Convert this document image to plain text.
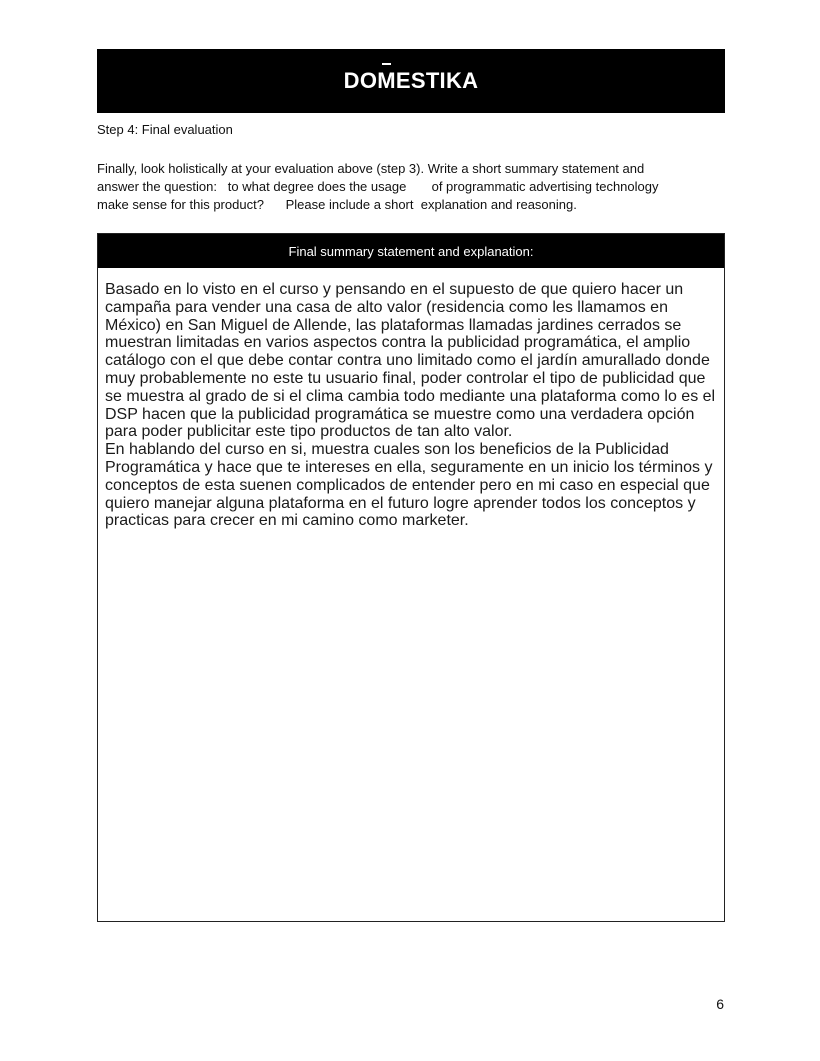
DOMESTIKA
Step 4: Final evaluation
Finally, look holistically at your evaluation above (step 3). Write a short summary statement and
answer the question:   to what degree does the usage       of programmatic advertising technology
make sense for this product?      Please include a short  explanation and reasoning.
Final summary statement and explanation:

Basado en lo visto en el curso y pensando en el supuesto de que quiero hacer un campaña para vender una casa de alto valor (residencia como les llamamos en México) en San Miguel de Allende, las plataformas llamadas jardines cerrados se muestran limitadas en varios aspectos contra la publicidad programática, el amplio catálogo con el que debe contar contra uno limitado como el jardín amurallado donde muy probablemente no este tu usuario final, poder controlar el tipo de publicidad que se muestra al grado de si el clima cambia todo mediante una plataforma como lo es el DSP hacen que la publicidad programática se muestre como una verdadera opción para poder publicitar este tipo productos de tan alto valor.

En hablando del curso en si, muestra cuales son los beneficios de la Publicidad Programática y hace que te intereses en ella, seguramente en un inicio los términos y conceptos de esta suenen complicados de entender pero en mi caso en especial que quiero manejar alguna plataforma en el futuro logre aprender todos los conceptos y practicas para crecer en mi camino como marketer.

6
